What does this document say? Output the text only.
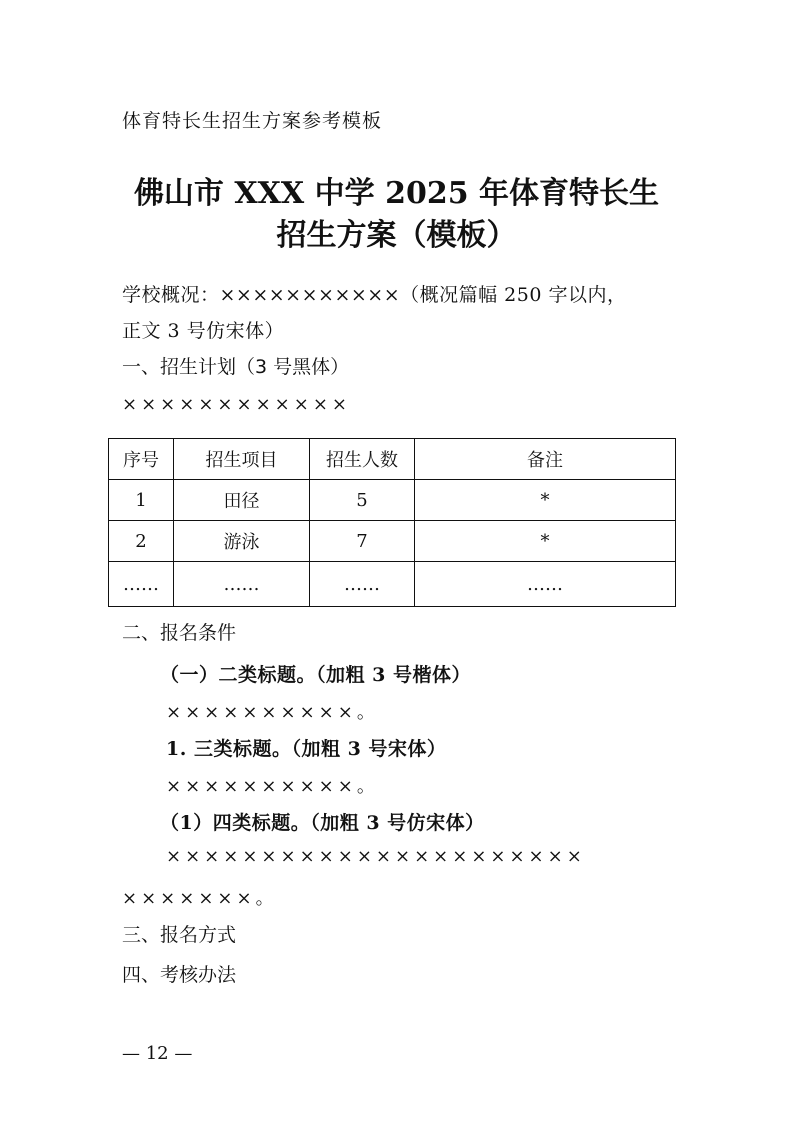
体育特长生招生方案参考模板
佛山市 XXX 中学 2025 年体育特长生
招生方案（模板）
学校概况：×××××××××××（概况篇幅 250 字以内，
正文 3 号仿宋体）
一、招生计划（3 号黑体）
××××××××××××
序号	招生项目	招生人数	备注
1	田径	5	*
2	游泳	7	*
……	……	……	……
二、报名条件
（一）二类标题。（加粗 3 号楷体）
××××××××××。
1. 三类标题。（加粗 3 号宋体）
××××××××××。
（1）四类标题。（加粗 3 号仿宋体）
××××××××××××××××××××××
×××××××。
三、报名方式
四、考核办法
— 12 —
